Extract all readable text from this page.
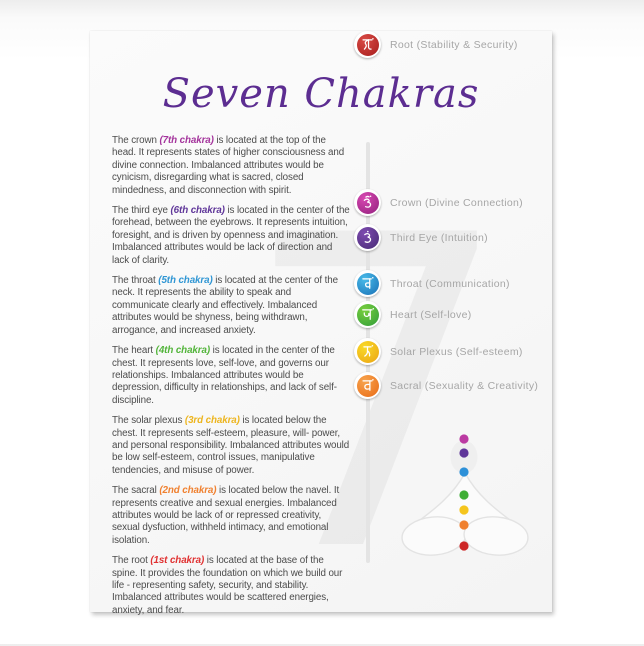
Seven Chakras

The crown (7th chakra) is located at the top of the head. It represents states of higher consciousness and divine connection. Imbalanced attributes would be cynicism, disregarding what is sacred, closed mindedness, and disconnection with spirit.

The third eye (6th chakra) is located in the center of the forehead, between the eyebrows. It represents intuition, foresight, and is driven by openness and imagination. Imbalanced attributes would be lack of direction and lack of clarity.

The throat (5th chakra) is located at the center of the neck. It represents the ability to speak and communicate clearly and effectively. Imbalanced attributes would be shyness, being withdrawn, arrogance, and increased anxiety.

The heart (4th chakra) is located in the center of the chest. It represents love, self-love, and governs our relationships. Imbalanced attributes would be depression, difficulty in relationships, and lack of self-discipline.

The solar plexus (3rd chakra) is located below the chest. It represents self-esteem, pleasure, will- power, and personal responsibility. Imbalanced attributes would be low self-esteem, control issues, manipulative tendencies, and misuse of power.

The sacral (2nd chakra) is located below the navel. It represents creative and sexual energies. Imbalanced attributes would be lack of or repressed creativity, sexual dysfuction, withheld intimacy, and emotional isolation.

The root (1st chakra) is located at the base of the spine. It provides the foundation on which we build our life - representing safety, security, and stability. Imbalanced attributes would be scattered energies, anxiety, and fear.

Crown (Divine Connection)
Third Eye (Intuition)
Throat (Communication)
Heart (Self-love)
Solar Plexus (Self-esteem)
Sacral (Sexuality & Creativity)
Root (Stability & Security)
